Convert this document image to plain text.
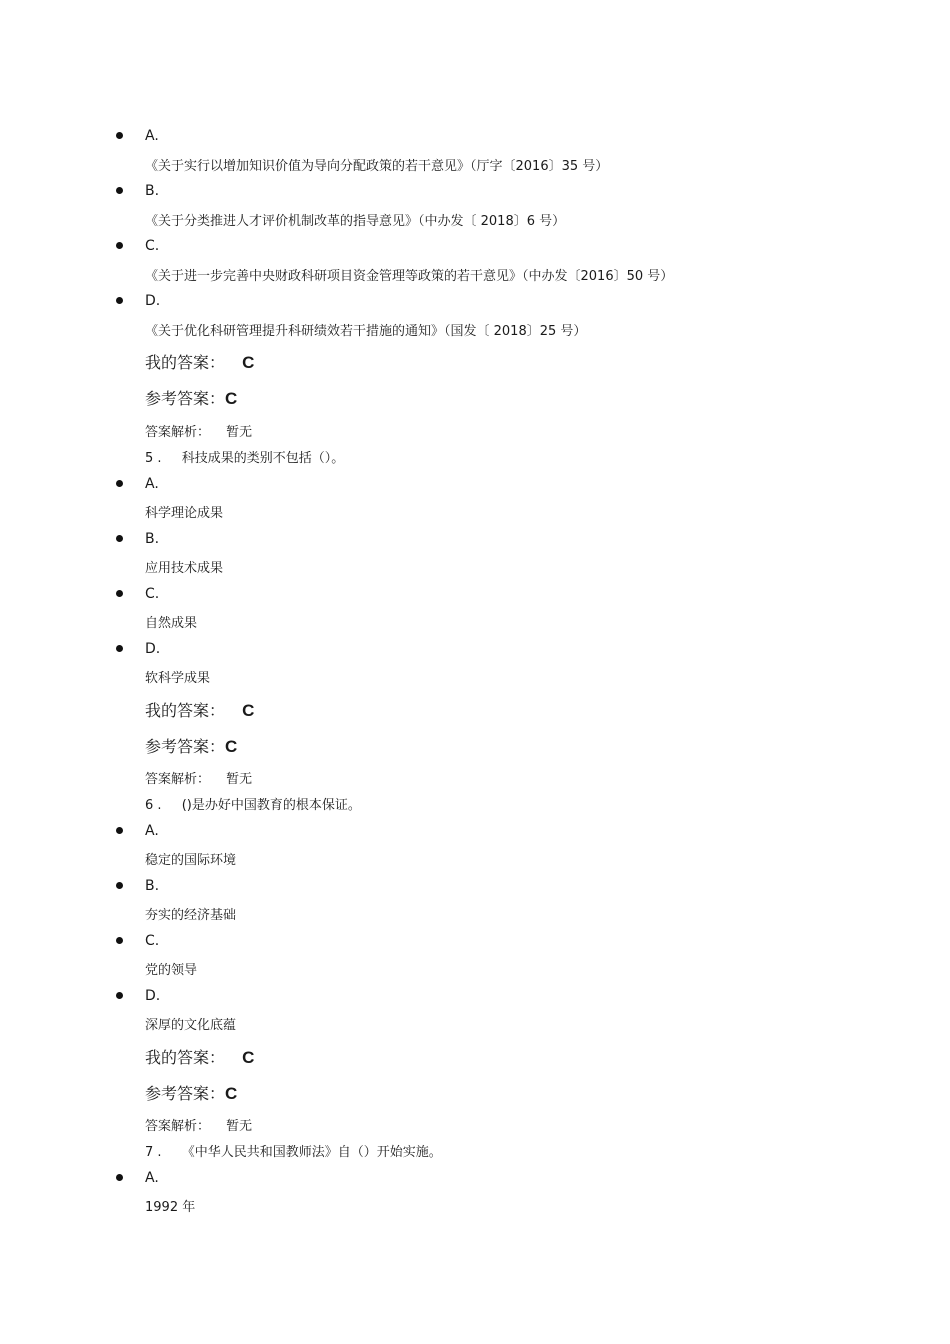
A.
《关于实行以增加知识价值为导向分配政策的若干意见》（厅字〔2016〕35 号）
B.
《关于分类推进人才评价机制改革的指导意见》（中办发〔 2018〕6 号）
C.
《关于进一步完善中央财政科研项目资金管理等政策的若干意见》（中办发〔2016〕50 号）
D.
《关于优化科研管理提升科研绩效若干措施的通知》（国发〔 2018〕25 号）
我的答案： C
参考答案：C
答案解析： 暂无
5 . 科技成果的类别不包括（）。
A.
科学理论成果
B.
应用技术成果
C.
自然成果
D.
软科学成果
我的答案： C
参考答案：C
答案解析： 暂无
6 . ()是办好中国教育的根本保证。
A.
稳定的国际环境
B.
夯实的经济基础
C.
党的领导
D.
深厚的文化底蕴
我的答案： C
参考答案：C
答案解析： 暂无
7 . 《中华人民共和国教师法》自（）开始实施。
A.
1992 年
